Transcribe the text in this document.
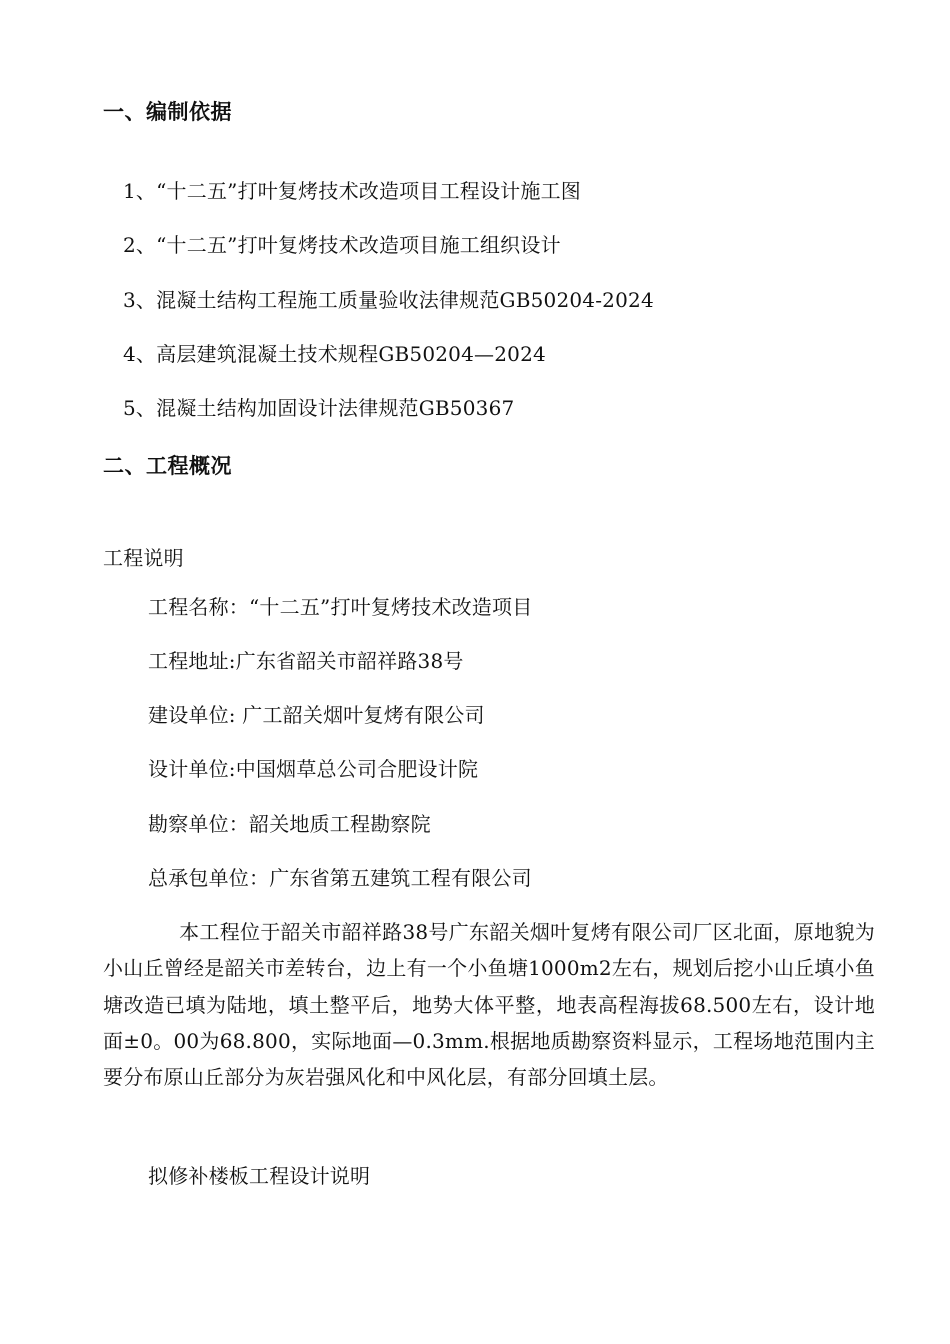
一、编制依据
1、“十二五”打叶复烤技术改造项目工程设计施工图
2、“十二五”打叶复烤技术改造项目施工组织设计
3、混凝土结构工程施工质量验收法律规范GB50204-2024
4、高层建筑混凝土技术规程GB50204—2024
5、混凝土结构加固设计法律规范GB50367
二、工程概况
工程说明
工程名称：“十二五”打叶复烤技术改造项目
工程地址:广东省韶关市韶祥路38号
建设单位: 广工韶关烟叶复烤有限公司
设计单位:中国烟草总公司合肥设计院
勘察单位：韶关地质工程勘察院
总承包单位：广东省第五建筑工程有限公司
本工程位于韶关市韶祥路38号广东韶关烟叶复烤有限公司厂区北面，原地貌为小山丘曾经是韶关市差转台，边上有一个小鱼塘1000m2左右，规划后挖小山丘填小鱼塘改造已填为陆地，填土整平后，地势大体平整，地表高程海拔68.500左右，设计地面±0。00为68.800，实际地面—0.3mm.根据地质勘察资料显示，工程场地范围内主要分布原山丘部分为灰岩强风化和中风化层，有部分回填土层。
拟修补楼板工程设计说明
